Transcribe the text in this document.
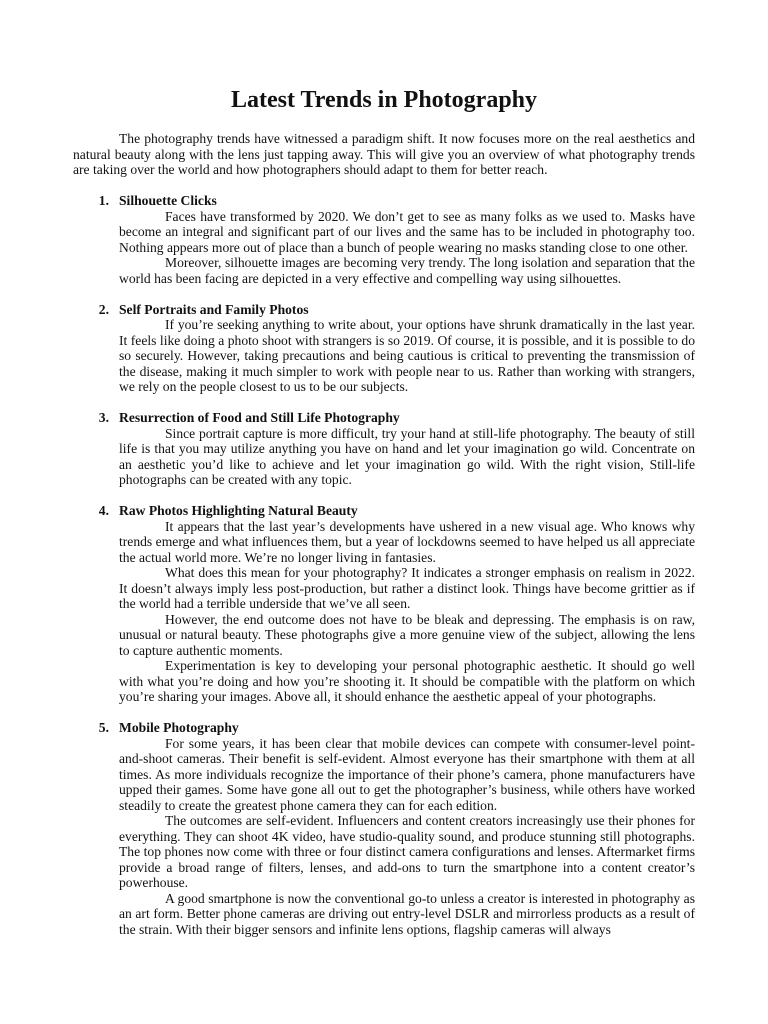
Latest Trends in Photography

The photography trends have witnessed a paradigm shift. It now focuses more on the real aesthetics and natural beauty along with the lens just tapping away. This will give you an overview of what photography trends are taking over the world and how photographers should adapt to them for better reach.

1. Silhouette Clicks

Faces have transformed by 2020. We don’t get to see as many folks as we used to. Masks have become an integral and significant part of our lives and the same has to be included in photography too. Nothing appears more out of place than a bunch of people wearing no masks standing close to one other.

Moreover, silhouette images are becoming very trendy. The long isolation and separation that the world has been facing are depicted in a very effective and compelling way using silhouettes.

2. Self Portraits and Family Photos

If you’re seeking anything to write about, your options have shrunk dramatically in the last year. It feels like doing a photo shoot with strangers is so 2019. Of course, it is possible, and it is possible to do so securely. However, taking precautions and being cautious is critical to preventing the transmission of the disease, making it much simpler to work with people near to us. Rather than working with strangers, we rely on the people closest to us to be our subjects.

3. Resurrection of Food and Still Life Photography

Since portrait capture is more difficult, try your hand at still-life photography. The beauty of still life is that you may utilize anything you have on hand and let your imagination go wild. Concentrate on an aesthetic you’d like to achieve and let your imagination go wild. With the right vision, Still-life photographs can be created with any topic.

4. Raw Photos Highlighting Natural Beauty

It appears that the last year’s developments have ushered in a new visual age. Who knows why trends emerge and what influences them, but a year of lockdowns seemed to have helped us all appreciate the actual world more. We’re no longer living in fantasies.

What does this mean for your photography? It indicates a stronger emphasis on realism in 2022. It doesn’t always imply less post-production, but rather a distinct look. Things have become grittier as if the world had a terrible underside that we’ve all seen.

However, the end outcome does not have to be bleak and depressing. The emphasis is on raw, unusual or natural beauty. These photographs give a more genuine view of the subject, allowing the lens to capture authentic moments.

Experimentation is key to developing your personal photographic aesthetic. It should go well with what you’re doing and how you’re shooting it. It should be compatible with the platform on which you’re sharing your images. Above all, it should enhance the aesthetic appeal of your photographs.

5. Mobile Photography

For some years, it has been clear that mobile devices can compete with consumer-level point-and-shoot cameras. Their benefit is self-evident. Almost everyone has their smartphone with them at all times. As more individuals recognize the importance of their phone’s camera, phone manufacturers have upped their games. Some have gone all out to get the photographer’s business, while others have worked steadily to create the greatest phone camera they can for each edition.

The outcomes are self-evident. Influencers and content creators increasingly use their phones for everything. They can shoot 4K video, have studio-quality sound, and produce stunning still photographs. The top phones now come with three or four distinct camera configurations and lenses. Aftermarket firms provide a broad range of filters, lenses, and add-ons to turn the smartphone into a content creator’s powerhouse.

A good smartphone is now the conventional go-to unless a creator is interested in photography as an art form. Better phone cameras are driving out entry-level DSLR and mirrorless products as a result of the strain. With their bigger sensors and infinite lens options, flagship cameras will always
